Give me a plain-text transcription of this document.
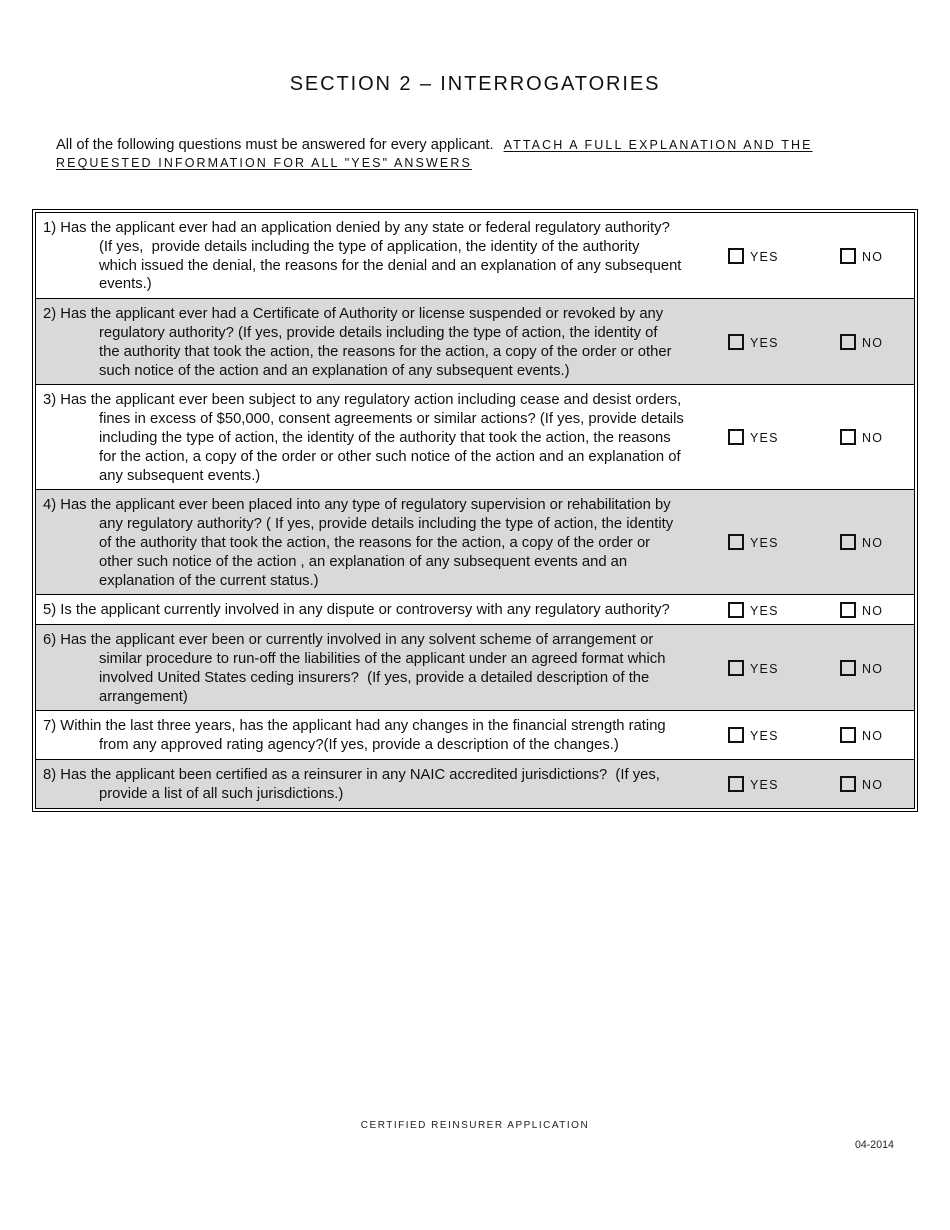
SECTION 2 – INTERROGATORIES
All of the following questions must be answered for every applicant. ATTACH A FULL EXPLANATION AND THE
REQUESTED INFORMATION FOR ALL "YES" ANSWERS
1) Has the applicant ever had an application denied by any state or federal regulatory authority?
(If yes,  provide details including the type of application, the identity of the authority
which issued the denial, the reasons for the denial and an explanation of any subsequent
events.)
YES	NO
2) Has the applicant ever had a Certificate of Authority or license suspended or revoked by any
regulatory authority? (If yes, provide details including the type of action, the identity of
the authority that took the action, the reasons for the action, a copy of the order or other
such notice of the action and an explanation of any subsequent events.)
YES	NO
3) Has the applicant ever been subject to any regulatory action including cease and desist orders,
fines in excess of $50,000, consent agreements or similar actions? (If yes, provide details
including the type of action, the identity of the authority that took the action, the reasons
for the action, a copy of the order or other such notice of the action and an explanation of
any subsequent events.)
YES	NO
4) Has the applicant ever been placed into any type of regulatory supervision or rehabilitation by
any regulatory authority? ( If yes, provide details including the type of action, the identity
of the authority that took the action, the reasons for the action, a copy of the order or
other such notice of the action , an explanation of any subsequent events and an
explanation of the current status.)
YES	NO
5) Is the applicant currently involved in any dispute or controversy with any regulatory authority?	YES	NO
6) Has the applicant ever been or currently involved in any solvent scheme of arrangement or
similar procedure to run-off the liabilities of the applicant under an agreed format which
involved United States ceding insurers?  (If yes, provide a detailed description of the
arrangement)
YES	NO
7) Within the last three years, has the applicant had any changes in the financial strength rating
from any approved rating agency?(If yes, provide a description of the changes.)
YES	NO
8) Has the applicant been certified as a reinsurer in any NAIC accredited jurisdictions?  (If yes,
provide a list of all such jurisdictions.)
YES	NO
CERTIFIED REINSURER APPLICATION
04-2014
